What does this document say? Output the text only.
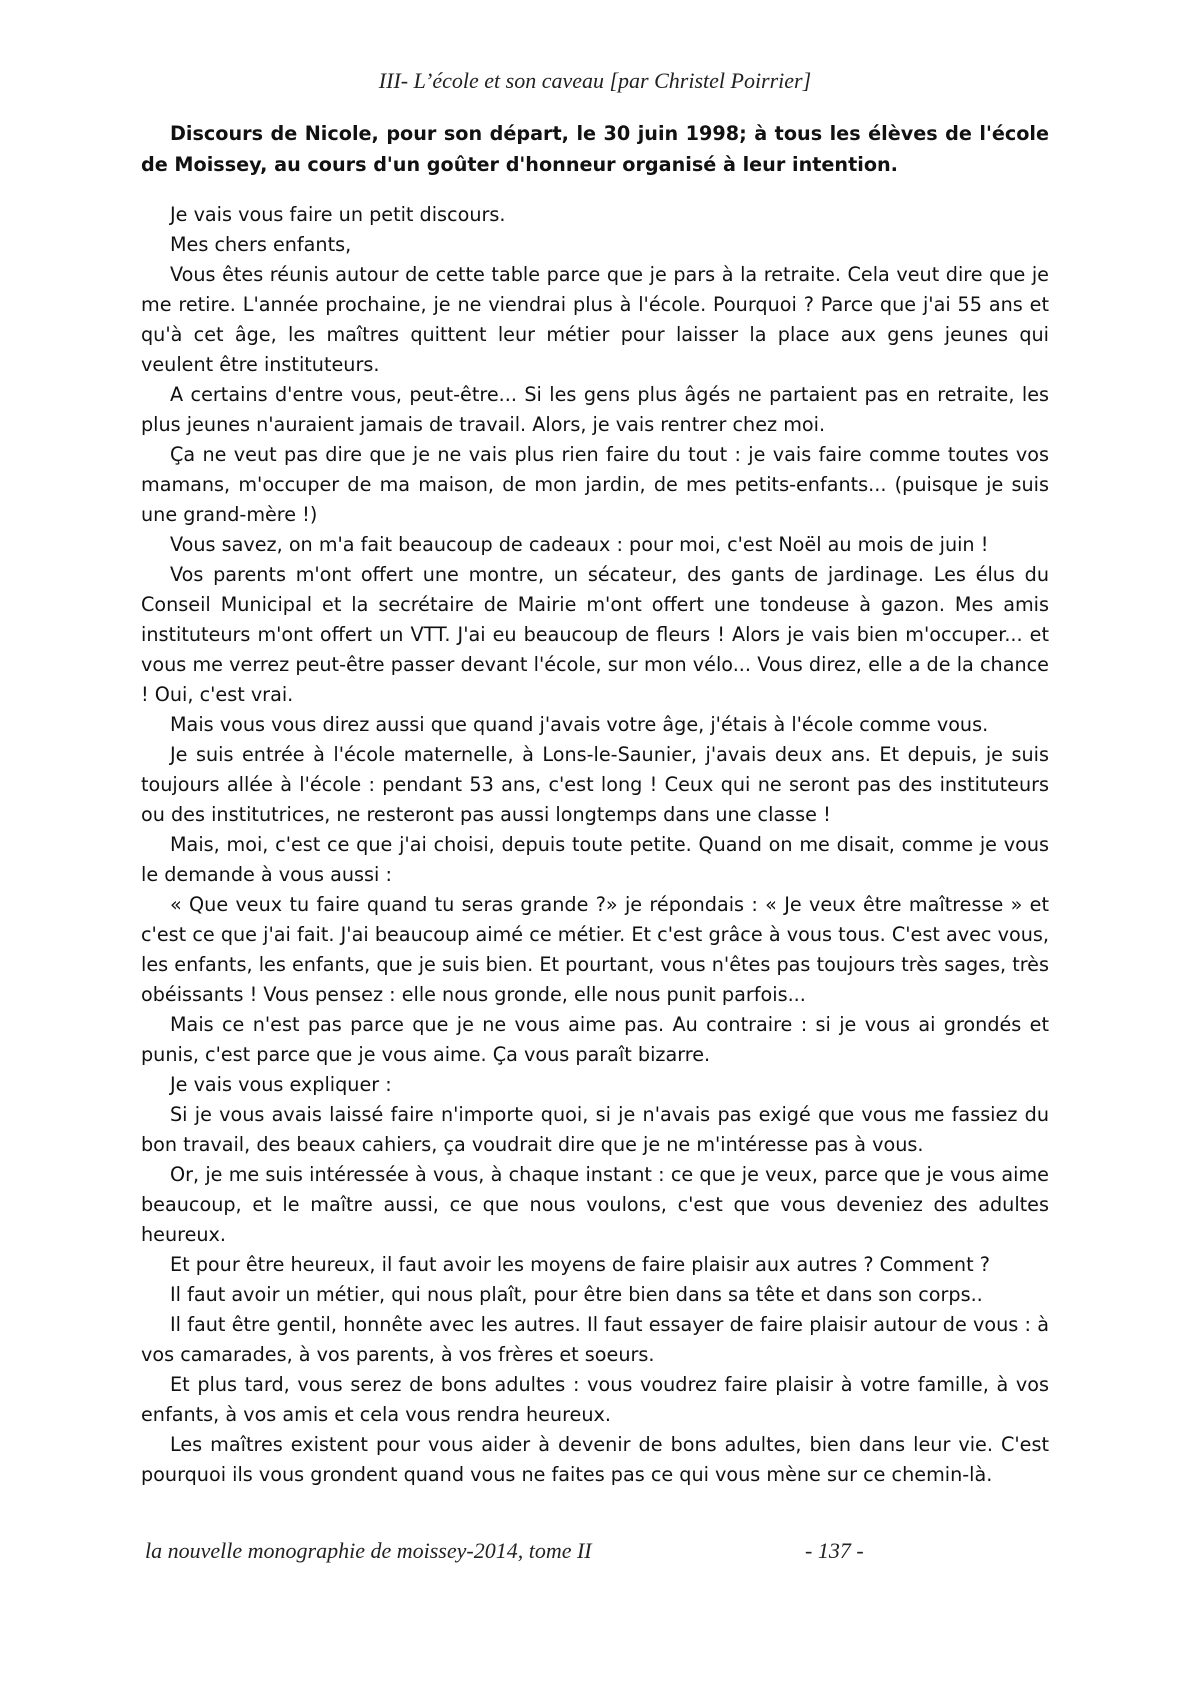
III- L’école et son caveau [par Christel Poirrier]

Discours de Nicole, pour son départ, le 30 juin 1998; à tous les élèves de l'école de Moissey, au cours d'un goûter d'honneur organisé à leur intention.

Je vais vous faire un petit discours.

Mes chers enfants,

Vous êtes réunis autour de cette table parce que je pars à la retraite. Cela veut dire que je me retire. L'année prochaine, je ne viendrai plus à l'école. Pourquoi ? Parce que j'ai 55 ans et qu'à cet âge, les maîtres quittent leur métier pour laisser la place aux gens jeunes qui veulent être instituteurs.

A certains d'entre vous, peut-être... Si les gens plus âgés ne partaient pas en retraite, les plus jeunes n'auraient jamais de travail. Alors, je vais rentrer chez moi.

Ça ne veut pas dire que je ne vais plus rien faire du tout : je vais faire comme toutes vos mamans, m'occuper de ma maison, de mon jardin, de mes petits-enfants... (puisque je suis une grand-mère !)

Vous savez, on m'a fait beaucoup de cadeaux : pour moi, c'est Noël au mois de juin !

Vos parents m'ont offert une montre, un sécateur, des gants de jardinage. Les élus du Conseil Municipal et la secrétaire de Mairie m'ont offert une tondeuse à gazon. Mes amis instituteurs m'ont offert un VTT. J'ai eu beaucoup de fleurs ! Alors je vais bien m'occuper... et vous me verrez peut-être passer devant l'école, sur mon vélo... Vous direz, elle a de la chance ! Oui, c'est vrai.

Mais vous vous direz aussi que quand j'avais votre âge, j'étais à l'école comme vous.

Je suis entrée à l'école maternelle, à Lons-le-Saunier, j'avais deux ans. Et depuis, je suis toujours allée à l'école : pendant 53 ans, c'est long ! Ceux qui ne seront pas des instituteurs ou des institutrices, ne resteront pas aussi longtemps dans une classe !

Mais, moi, c'est ce que j'ai choisi, depuis toute petite. Quand on me disait, comme je vous le demande à vous aussi :

« Que veux tu faire quand tu seras grande ?» je répondais : « Je veux être maîtresse » et c'est ce que j'ai fait. J'ai beaucoup aimé ce métier. Et c'est grâce à vous tous. C'est avec vous, les enfants, les enfants, que je suis bien. Et pourtant, vous n'êtes pas toujours très sages, très obéissants ! Vous pensez : elle nous gronde, elle nous punit parfois...

Mais ce n'est pas parce que je ne vous aime pas. Au contraire : si je vous ai grondés et punis, c'est parce que je vous aime. Ça vous paraît bizarre.

Je vais vous expliquer :

Si je vous avais laissé faire n'importe quoi, si je n'avais pas exigé que vous me fassiez du bon travail, des beaux cahiers, ça voudrait dire que je ne m'intéresse pas à vous.

Or, je me suis intéressée à vous, à chaque instant : ce que je veux, parce que je vous aime beaucoup, et le maître aussi, ce que nous voulons, c'est que vous deveniez des adultes heureux.

Et pour être heureux, il faut avoir les moyens de faire plaisir aux autres ? Comment ?

Il faut avoir un métier, qui nous plaît, pour être bien dans sa tête et dans son corps..

Il faut être gentil, honnête avec les autres. Il faut essayer de faire plaisir autour de vous : à vos camarades, à vos parents, à vos frères et soeurs.

Et plus tard, vous serez de bons adultes : vous voudrez faire plaisir à votre famille, à vos enfants, à vos amis et cela vous rendra heureux.

Les maîtres existent pour vous aider à devenir de bons adultes, bien dans leur vie. C'est pourquoi ils vous grondent quand vous ne faites pas ce qui vous mène sur ce chemin-là.

la nouvelle monographie de moissey-2014, tome II	- 137 -
